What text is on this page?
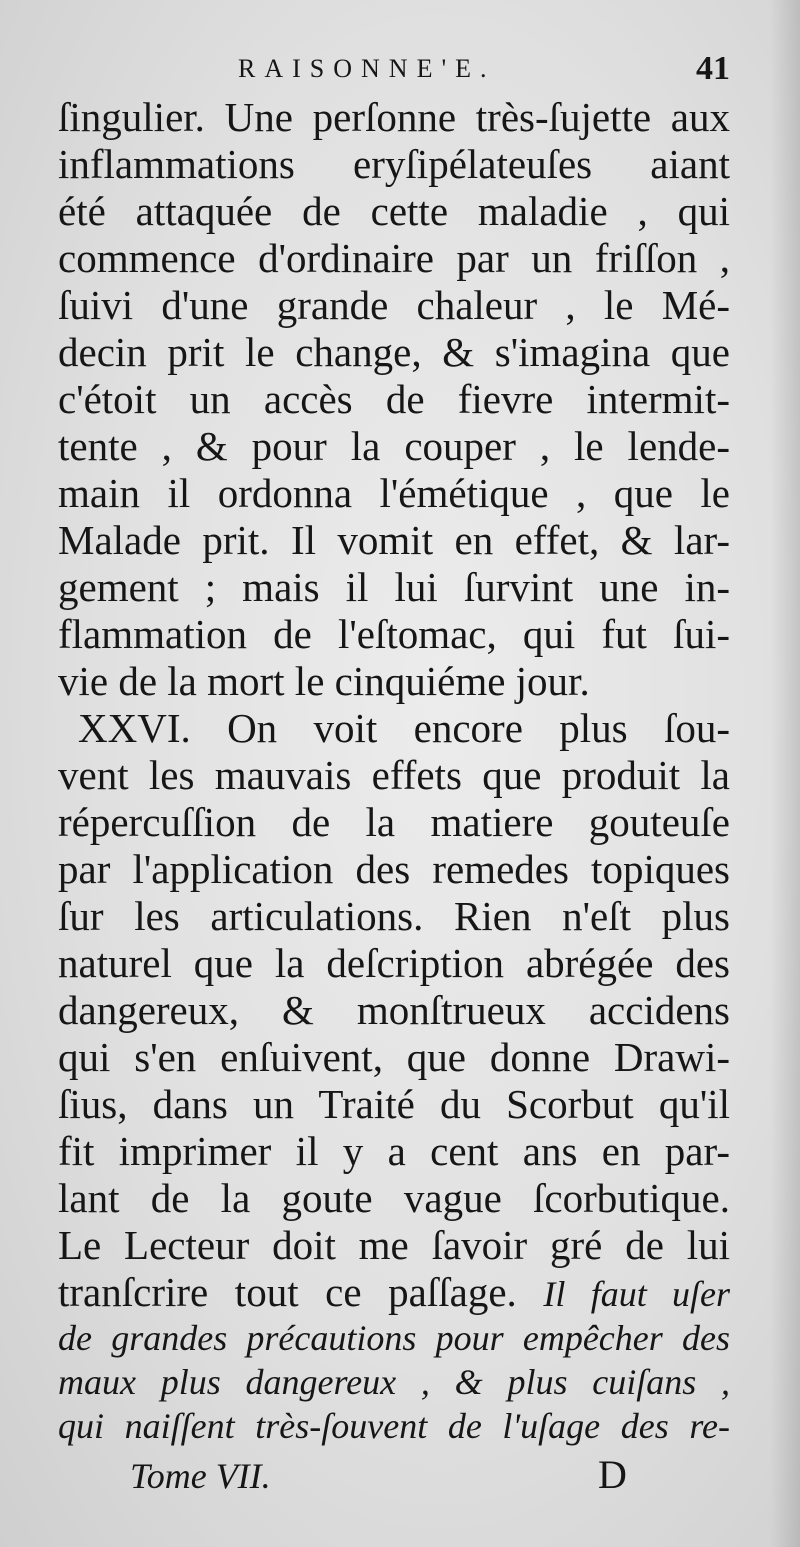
RAISONNE'E.	41
ſingulier. Une perſonne très-ſujette aux
inflammations eryſipélateuſes aiant
été attaquée de cette maladie , qui
commence d'ordinaire par un friſſon ,
ſuivi d'une grande chaleur , le Mé-
decin prit le change, & s'imagina que
c'étoit un accès de fievre intermit-
tente , & pour la couper , le lende-
main il ordonna l'émétique , que le
Malade prit. Il vomit en effet, & lar-
gement ; mais il lui ſurvint une in-
flammation de l'eſtomac, qui fut ſui-
vie de la mort le cinquiéme jour.
XXVI. On voit encore plus ſou-
vent les mauvais effets que produit la
répercuſſion de la matiere gouteuſe
par l'application des remedes topiques
ſur les articulations. Rien n'eſt plus
naturel que la deſcription abrégée des
dangereux, & monſtrueux accidens
qui s'en enſuivent, que donne Drawi-
ſius, dans un Traité du Scorbut qu'il
fit imprimer il y a cent ans en par-
lant de la goute vague ſcorbutique.
Le Lecteur doit me ſavoir gré de lui
tranſcrire tout ce paſſage. Il faut uſer
de grandes précautions pour empêcher des
maux plus dangereux , & plus cuiſans ,
qui naiſſent très-ſouvent de l'uſage des re-
Tome VII.	D
